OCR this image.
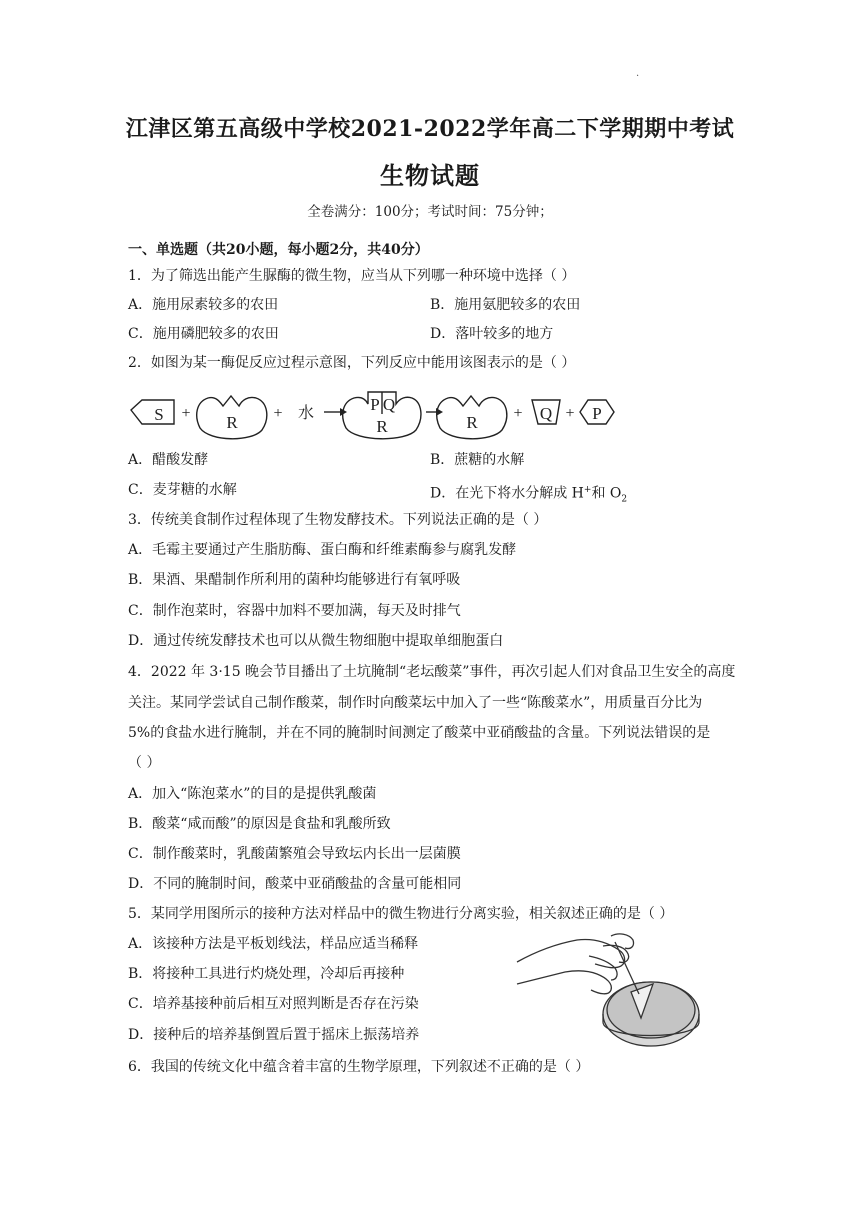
.
江津区第五高级中学校2021-2022学年高二下学期期中考试
生物试题
全卷满分：100分；考试时间：75分钟；
一、单选题（共20小题，每小题2分，共40分）
1．为了筛选出能产生脲酶的微生物，应当从下列哪一种环境中选择（ ）
A．施用尿素较多的农田	B．施用氨肥较多的农田
C．施用磷肥较多的农田	D．落叶较多的地方
2．如图为某一酶促反应过程示意图，下列反应中能用该图表示的是（ ）
S	R
P Q
R	R	Q P
+	+	+	+
水
A．醋酸发酵	B．蔗糖的水解
C．麦芽糖的水解	D．在光下将水分解成 H+和 $O_2$
3．传统美食制作过程体现了生物发酵技术。下列说法正确的是（ ）
A．毛霉主要通过产生脂肪酶、蛋白酶和纤维素酶参与腐乳发酵
B．果酒、果醋制作所利用的菌种均能够进行有氧呼吸
C．制作泡菜时，容器中加料不要加满，每天及时排气
D．通过传统发酵技术也可以从微生物细胞中提取单细胞蛋白
4．2022 年 3·15 晚会节目播出了土坑腌制“老坛酸菜”事件，再次引起人们对食品卫生安全的高度
关注。某同学尝试自己制作酸菜，制作时向酸菜坛中加入了一些“陈酸菜水”，用质量百分比为
5%的食盐水进行腌制，并在不同的腌制时间测定了酸菜中亚硝酸盐的含量。下列说法错误的是
（ ）
A．加入“陈泡菜水”的目的是提供乳酸菌
B．酸菜“咸而酸”的原因是食盐和乳酸所致
C．制作酸菜时，乳酸菌繁殖会导致坛内长出一层菌膜
D．不同的腌制时间，酸菜中亚硝酸盐的含量可能相同
5．某同学用图所示的接种方法对样品中的微生物进行分离实验，相关叙述正确的是（ ）
A．该接种方法是平板划线法，样品应适当稀释
B．将接种工具进行灼烧处理，冷却后再接种
C．培养基接种前后相互对照判断是否存在污染
D．接种后的培养基倒置后置于摇床上振荡培养
6．我国的传统文化中蕴含着丰富的生物学原理，下列叙述不正确的是（ ）
